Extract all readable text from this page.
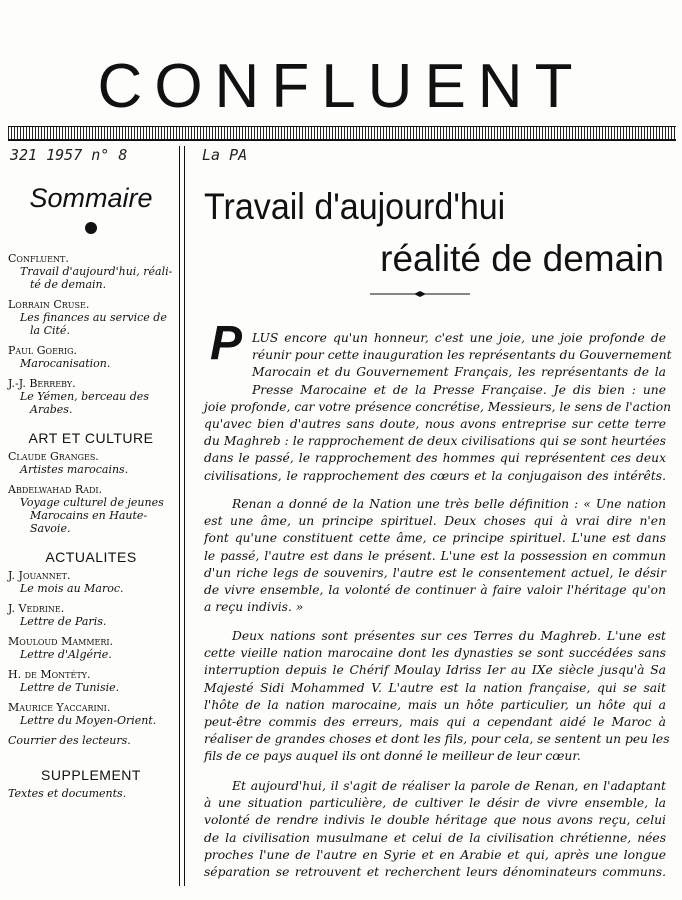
CONFLUENT
321 1957 n° 8	La PA
Sommaire
Confluent.
Travail d'aujourd'hui, réali-
té de demain.
Lorrain Cruse.
Les finances au service de
la Cité.
Paul Goerig.
Marocanisation.
J.-J. Berreby.
Le Yémen, berceau des
Arabes.
ART ET CULTURE
Claude Granges.
Artistes marocains.
Abdelwahad Radi.
Voyage culturel de jeunes
Marocains en Haute-
Savoie.
ACTUALITES
J. Jouannet.
Le mois au Maroc.
J. Vedrine.
Lettre de Paris.
Mouloud Mammeri.
Lettre d'Algérie.
H. de Montéty.
Lettre de Tunisie.
Maurice Yaccarini.
Lettre du Moyen-Orient.
Courrier des lecteurs.
SUPPLEMENT
Textes et documents.
Travail d'aujourd'hui
réalité de demain
P LUS encore qu'un honneur, c'est une joie, une joie profonde de
réunir pour cette inauguration les représentants du Gouvernement
Marocain et du Gouvernement Français, les représentants de la
Presse Marocaine et de la Presse Française. Je dis bien : une
joie profonde, car votre présence concrétise, Messieurs, le sens de l'action
qu'avec bien d'autres sans doute, nous avons entreprise sur cette terre
du Maghreb : le rapprochement de deux civilisations qui se sont heurtées
dans le passé, le rapprochement des hommes qui représentent ces deux
civilisations, le rapprochement des cœurs et la conjugaison des intérêts.
Renan a donné de la Nation une très belle définition : « Une nation
est une âme, un principe spirituel. Deux choses qui à vrai dire n'en
font qu'une constituent cette âme, ce principe spirituel. L'une est dans
le passé, l'autre est dans le présent. L'une est la possession en commun
d'un riche legs de souvenirs, l'autre est le consentement actuel, le désir
de vivre ensemble, la volonté de continuer à faire valoir l'héritage qu'on
a reçu indivis. »
Deux nations sont présentes sur ces Terres du Maghreb. L'une est
cette vieille nation marocaine dont les dynasties se sont succédées sans
interruption depuis le Chérif Moulay Idriss Ier au IXe siècle jusqu'à Sa
Majesté Sidi Mohammed V. L'autre est la nation française, qui se sait
l'hôte de la nation marocaine, mais un hôte particulier, un hôte qui a
peut-être commis des erreurs, mais qui a cependant aidé le Maroc à
réaliser de grandes choses et dont les fils, pour cela, se sentent un peu les
fils de ce pays auquel ils ont donné le meilleur de leur cœur.
Et aujourd'hui, il s'agit de réaliser la parole de Renan, en l'adaptant
à une situation particulière, de cultiver le désir de vivre ensemble, la
volonté de rendre indivis le double héritage que nous avons reçu, celui
de la civilisation musulmane et celui de la civilisation chrétienne, nées
proches l'une de l'autre en Syrie et en Arabie et qui, après une longue
séparation se retrouvent et recherchent leurs dénominateurs communs.
